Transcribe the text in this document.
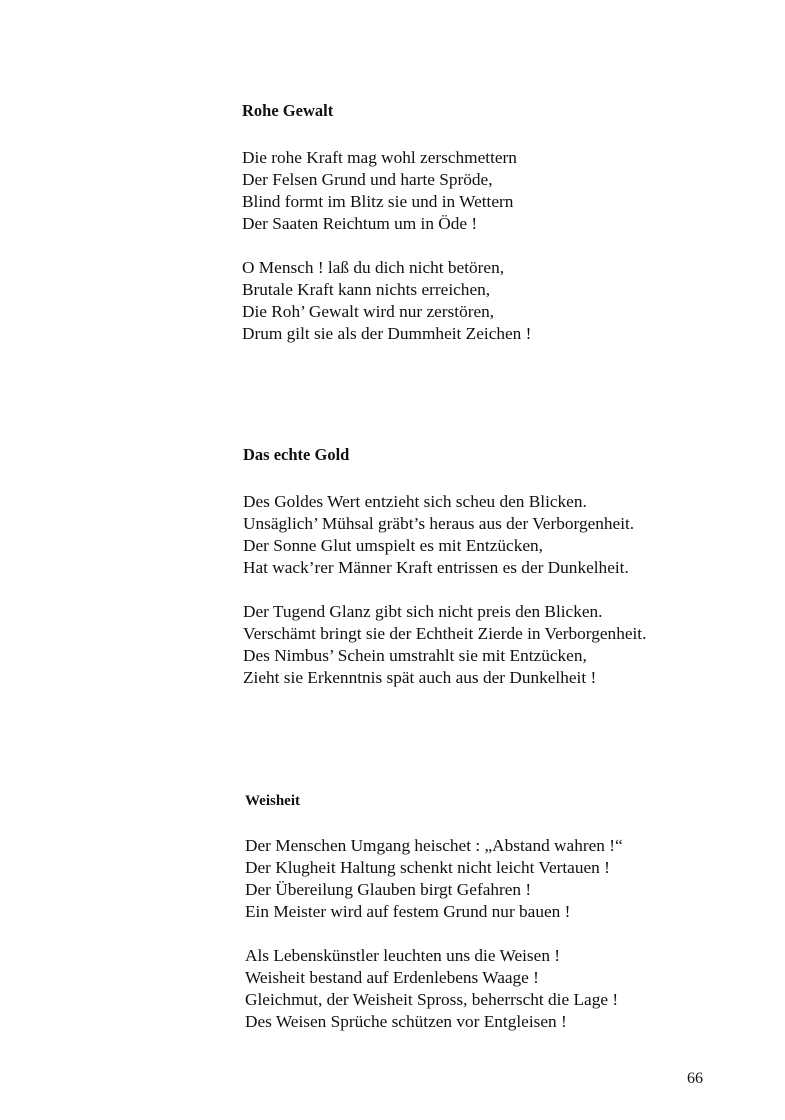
Rohe Gewalt

Die rohe Kraft mag wohl zerschmettern
Der Felsen Grund und harte Spröde,
Blind formt im Blitz sie und in Wettern
Der Saaten Reichtum um in Öde !

O Mensch ! laß du dich nicht betören,
Brutale Kraft kann nichts erreichen,
Die Roh’ Gewalt wird nur zerstören,
Drum gilt sie als der Dummheit Zeichen !

Das echte Gold

Des Goldes Wert entzieht sich scheu den Blicken.
Unsäglich’ Mühsal gräbt’s heraus aus der Verborgenheit.
Der Sonne Glut umspielt es mit Entzücken,
Hat wack’rer Männer Kraft entrissen es der Dunkelheit.

Der Tugend Glanz gibt sich nicht preis den Blicken.
Verschämt bringt sie der Echtheit Zierde in Verborgenheit.
Des Nimbus’ Schein umstrahlt sie mit Entzücken,
Zieht sie Erkenntnis spät auch aus der Dunkelheit !

Weisheit

Der Menschen Umgang heischet : „Abstand wahren !“
Der Klugheit Haltung schenkt nicht leicht Vertauen !
Der Übereilung Glauben birgt Gefahren !
Ein Meister wird auf festem Grund nur bauen !

Als Lebenskünstler leuchten uns die Weisen !
Weisheit bestand auf Erdenlebens Waage !
Gleichmut, der Weisheit Spross, beherrscht die Lage !
Des Weisen Sprüche schützen vor Entgleisen !

66
